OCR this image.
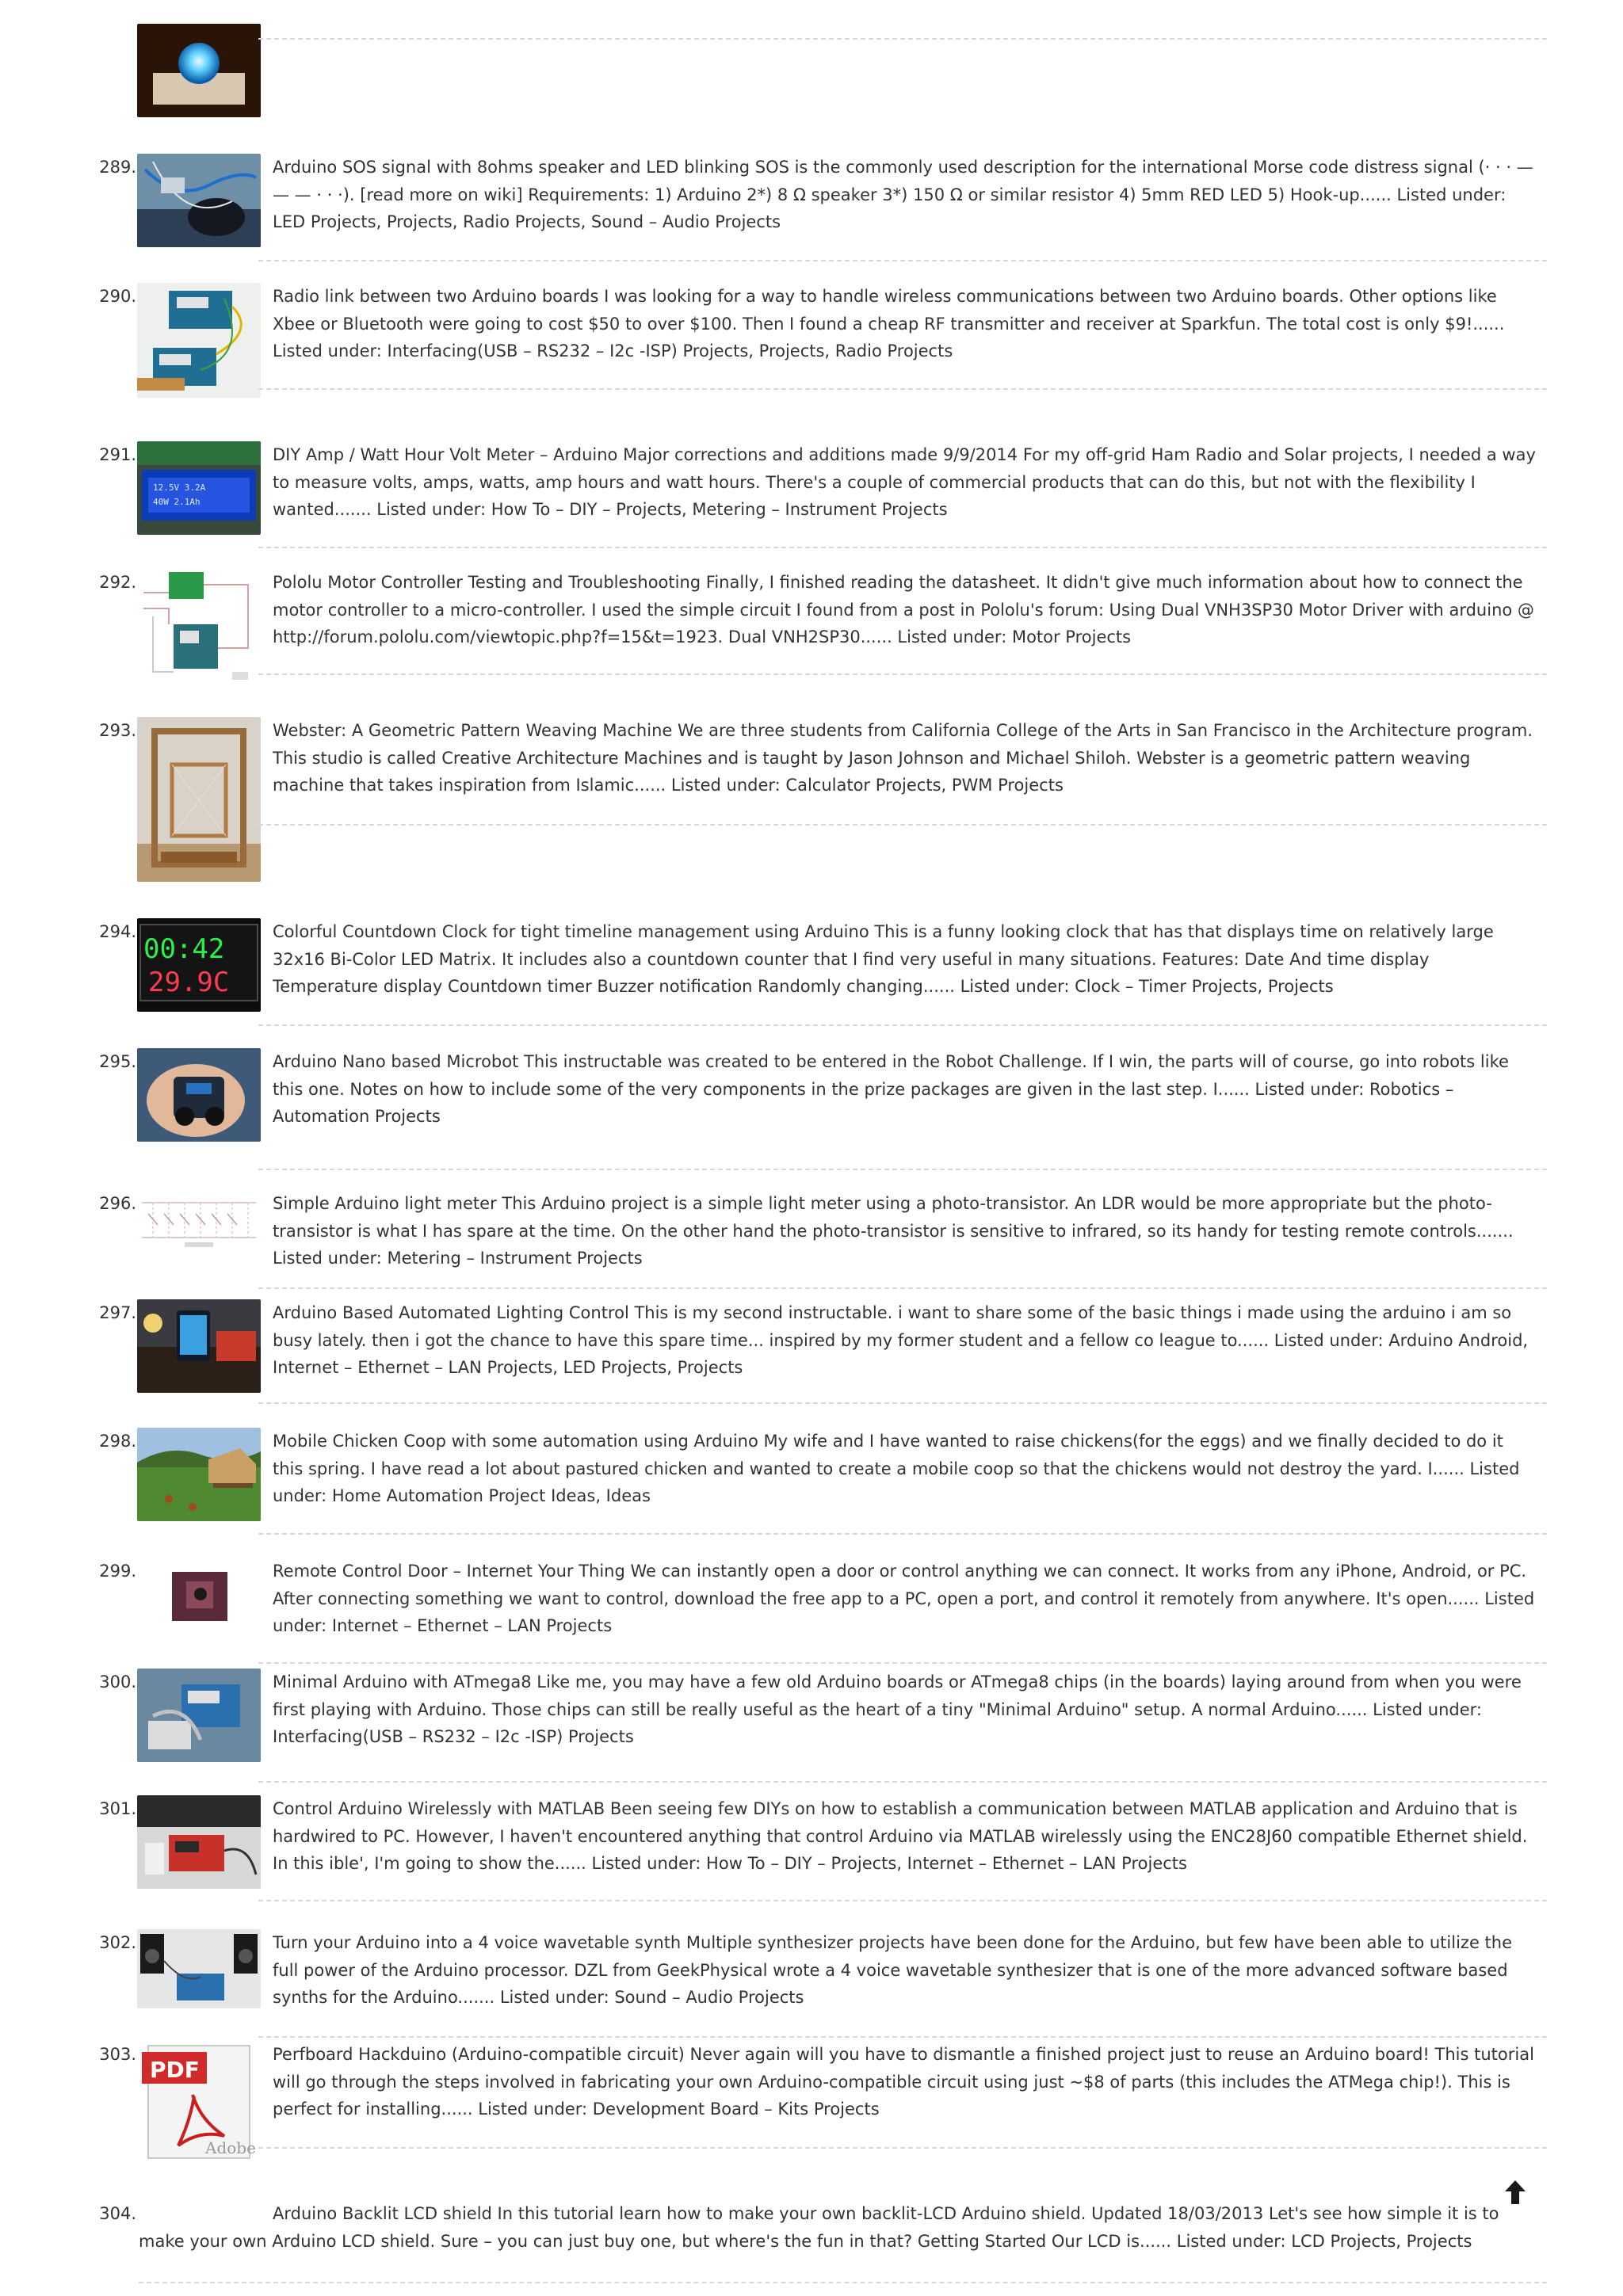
289.	Arduino SOS signal with 8ohms speaker and LED blinking SOS is the commonly used description for the international Morse code distress signal (· · · — — — · · ·). [read more on wiki] Requirements: 1) Arduino 2*) 8 Ω speaker 3*) 150 Ω or similar resistor 4) 5mm RED LED 5) Hook-up...... Listed under: LED Projects, Projects, Radio Projects, Sound – Audio Projects
290.	Radio link between two Arduino boards I was looking for a way to handle wireless communications between two Arduino boards. Other options like Xbee or Bluetooth were going to cost $50 to over $100. Then I found a cheap RF transmitter and receiver at Sparkfun. The total cost is only $9!...... Listed under: Interfacing(USB – RS232 – I2c -ISP) Projects, Projects, Radio Projects
291.
12.5V 3.2A
40W 2.1Ah
DIY Amp / Watt Hour Volt Meter – Arduino Major corrections and additions made 9/9/2014 For my off-grid Ham Radio and Solar projects, I needed a way to measure volts, amps, watts, amp hours and watt hours. There's a couple of commercial products that can do this, but not with the flexibility I wanted....... Listed under: How To – DIY – Projects, Metering – Instrument Projects
292.	Pololu Motor Controller Testing and Troubleshooting Finally, I finished reading the datasheet. It didn't give much information about how to connect the motor controller to a micro-controller. I used the simple circuit I found from a post in Pololu's forum: Using Dual VNH3SP30 Motor Driver with arduino @ http://forum.pololu.com/viewtopic.php?f=15&t=1923. Dual VNH2SP30...... Listed under: Motor Projects
293.	Webster: A Geometric Pattern Weaving Machine We are three students from California College of the Arts in San Francisco in the Architecture program. This studio is called Creative Architecture Machines and is taught by Jason Johnson and Michael Shiloh. Webster is a geometric pattern weaving machine that takes inspiration from Islamic...... Listed under: Calculator Projects, PWM Projects
294.
00:42
29.9C
Colorful Countdown Clock for tight timeline management using Arduino This is a funny looking clock that has that displays time on relatively large 32x16 Bi-Color LED Matrix. It includes also a countdown counter that I find very useful in many situations. Features: Date And time display Temperature display Countdown timer Buzzer notification Randomly changing...... Listed under: Clock – Timer Projects, Projects
295.	Arduino Nano based Microbot This instructable was created to be entered in the Robot Challenge. If I win, the parts will of course, go into robots like this one. Notes on how to include some of the very components in the prize packages are given in the last step. I...... Listed under: Robotics – Automation Projects
296.	Simple Arduino light meter This Arduino project is a simple light meter using a photo-transistor. An LDR would be more appropriate but the photo-transistor is what I has spare at the time. On the other hand the photo-transistor is sensitive to infrared, so its handy for testing remote controls....... Listed under: Metering – Instrument Projects
297.	Arduino Based Automated Lighting Control This is my second instructable. i want to share some of the basic things i made using the arduino i am so busy lately. then i got the chance to have this spare time... inspired by my former student and a fellow co league to...... Listed under: Arduino Android, Internet – Ethernet – LAN Projects, LED Projects, Projects
298.	Mobile Chicken Coop with some automation using Arduino My wife and I have wanted to raise chickens(for the eggs) and we finally decided to do it this spring. I have read a lot about pastured chicken and wanted to create a mobile coop so that the chickens would not destroy the yard. I...... Listed under: Home Automation Project Ideas, Ideas
299.	Remote Control Door – Internet Your Thing We can instantly open a door or control anything we can connect. It works from any iPhone, Android, or PC. After connecting something we want to control, download the free app to a PC, open a port, and control it remotely from anywhere. It's open...... Listed under: Internet – Ethernet – LAN Projects
300.	Minimal Arduino with ATmega8 Like me, you may have a few old Arduino boards or ATmega8 chips (in the boards) laying around from when you were first playing with Arduino. Those chips can still be really useful as the heart of a tiny "Minimal Arduino" setup. A normal Arduino...... Listed under: Interfacing(USB – RS232 – I2c -ISP) Projects
301.	Control Arduino Wirelessly with MATLAB Been seeing few DIYs on how to establish a communication between MATLAB application and Arduino that is hardwired to PC. However, I haven't encountered anything that control Arduino via MATLAB wirelessly using the ENC28J60 compatible Ethernet shield. In this ible', I'm going to show the...... Listed under: How To – DIY – Projects, Internet – Ethernet – LAN Projects
302.	Turn your Arduino into a 4 voice wavetable synth Multiple synthesizer projects have been done for the Arduino, but few have been able to utilize the full power of the Arduino processor. DZL from GeekPhysical wrote a 4 voice wavetable synthesizer that is one of the more advanced software based synths for the Arduino....... Listed under: Sound – Audio Projects
303.
PDF
Adobe
Perfboard Hackduino (Arduino-compatible circuit) Never again will you have to dismantle a finished project just to reuse an Arduino board! This tutorial will go through the steps involved in fabricating your own Arduino-compatible circuit using just ~$8 of parts (this includes the ATMega chip!). This is perfect for installing...... Listed under: Development Board – Kits Projects
304.	Arduino Backlit LCD shield In this tutorial learn how to make your own backlit-LCD Arduino shield. Updated 18/03/2013 Let's see how simple it is to make your own Arduino LCD shield. Sure – you can just buy one, but where's the fun in that? Getting Started Our LCD is...... Listed under: LCD Projects, Projects
